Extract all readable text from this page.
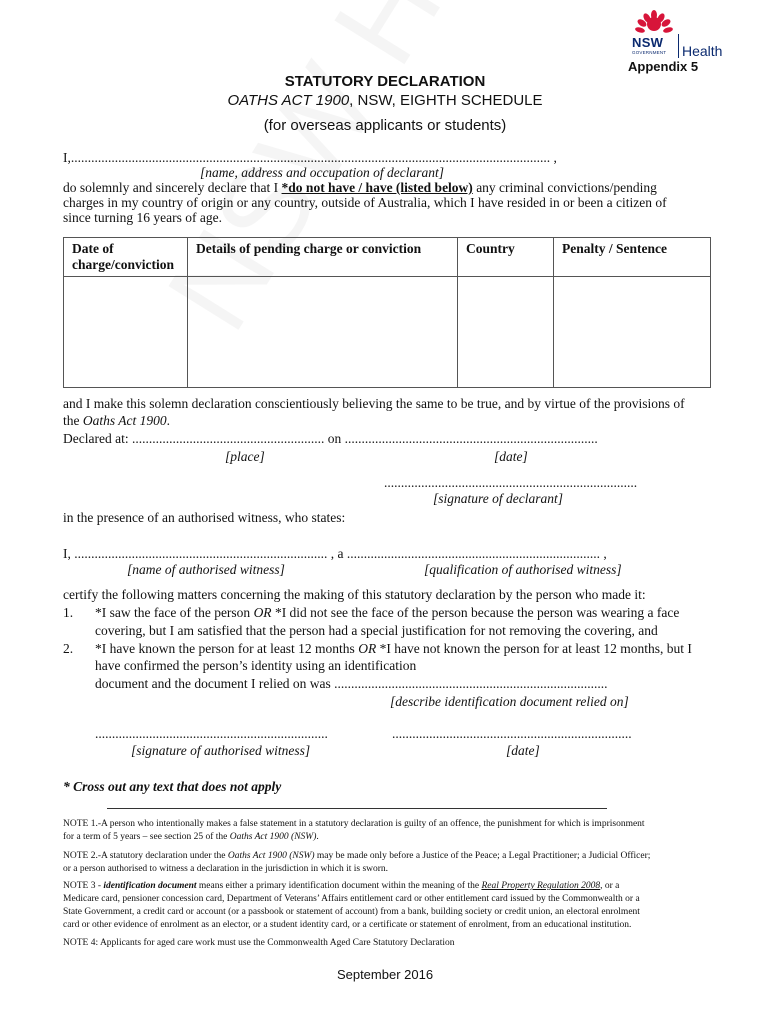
NSW
GOVERNMENT Health
Appendix 5
STATUTORY DECLARATION
OATHS ACT 1900, NSW, EIGHTH SCHEDULE
(for overseas applicants or students)
I,.............................................................................................................................................. ,
[name, address and occupation of declarant]
do solemnly and sincerely declare that I *do not have / have (listed below) any criminal convictions/pending
charges in my country of origin or any country, outside of Australia, which I have resided in or been a citizen of
since turning 16 years of age.
Date of charge/conviction	Details of pending charge or conviction	Country	Penalty / Sentence

and I make this solemn declaration conscientiously believing the same to be true, and by virtue of the provisions of
the Oaths Act 1900.
Declared at: ......................................................... on ...........................................................................
[place]	[date]
...........................................................................
[signature of declarant]
in the presence of an authorised witness, who states:
I, ........................................................................... , a ........................................................................... ,
[name of authorised witness]	[qualification of authorised witness]
certify the following matters concerning the making of this statutory declaration by the person who made it:
1. *I saw the face of the person OR *I did not see the face of the person because the person was wearing a face
covering, but I am satisfied that the person had a special justification for not removing the covering, and
2. *I have known the person for at least 12 months OR *I have not known the person for at least 12 months, but I
have confirmed the person’s identity using an identification
document and the document I relied on was .................................................................................
[describe identification document relied on]
.....................................................................	.......................................................................
[signature of authorised witness]	[date]
* Cross out any text that does not apply
NOTE 1.-A person who intentionally makes a false statement in a statutory declaration is guilty of an offence, the punishment for which is imprisonment
for a term of 5 years – see section 25 of the Oaths Act 1900 (NSW).
NOTE 2.-A statutory declaration under the Oaths Act 1900 (NSW) may be made only before a Justice of the Peace; a Legal Practitioner; a Judicial Officer;
or a person authorised to witness a declaration in the jurisdiction in which it is sworn.
NOTE 3 - identification document means either a primary identification document within the meaning of the Real Property Regulation 2008, or a
Medicare card, pensioner concession card, Department of Veterans’ Affairs entitlement card or other entitlement card issued by the Commonwealth or a
State Government, a credit card or account (or a passbook or statement of account) from a bank, building society or credit union, an electoral enrolment
card or other evidence of enrolment as an elector, or a student identity card, or a certificate or statement of enrolment, from an educational institution.
NOTE 4: Applicants for aged care work must use the Commonwealth Aged Care Statutory Declaration
September 2016
